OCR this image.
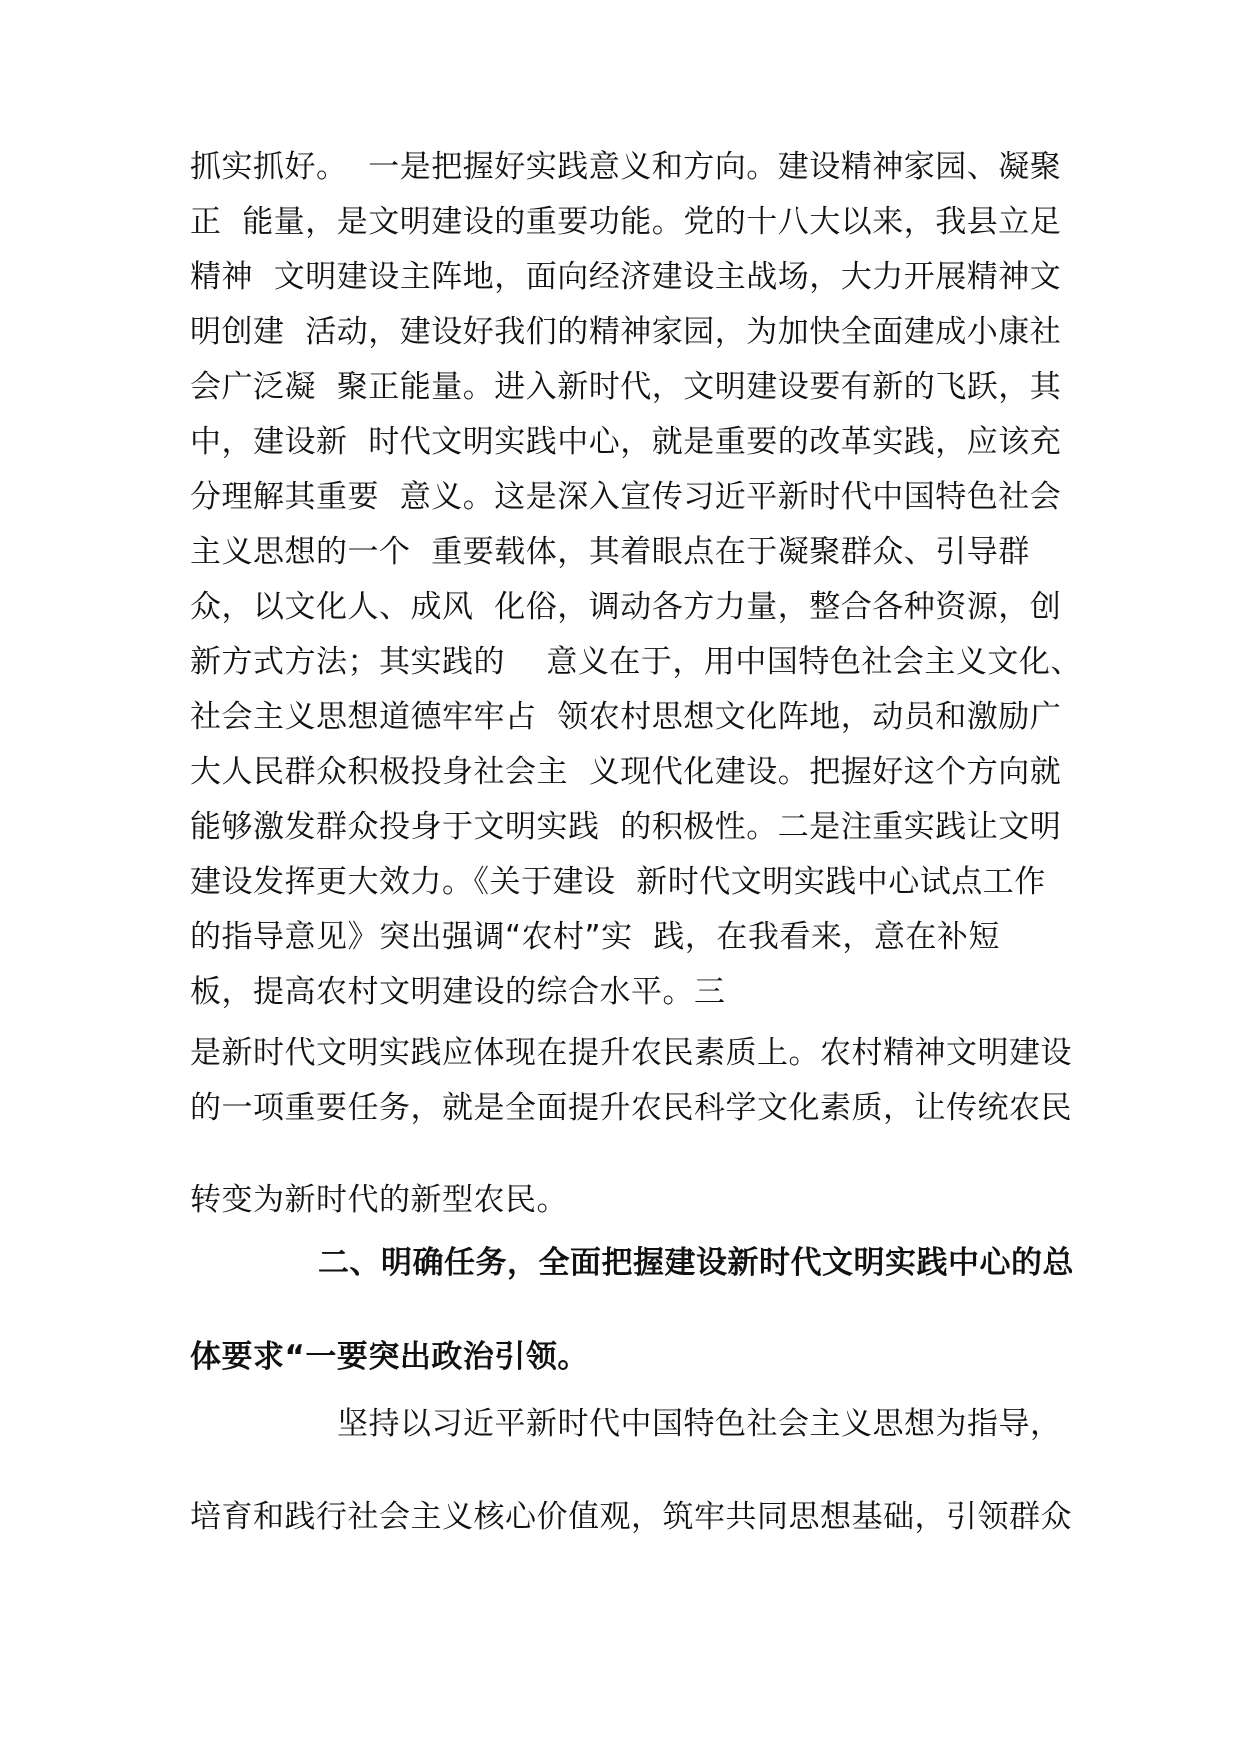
抓实抓好。  一是把握好实践意义和方向。建设精神家园、凝聚
正  能量，是文明建设的重要功能。党的十八大以来，我县立足
精神  文明建设主阵地，面向经济建设主战场，大力开展精神文
明创建  活动，建设好我们的精神家园，为加快全面建成小康社
会广泛凝  聚正能量。进入新时代，文明建设要有新的飞跃，其
中，建设新  时代文明实践中心，就是重要的改革实践，应该充
分理解其重要  意义。这是深入宣传习近平新时代中国特色社会
主义思想的一个  重要载体，其着眼点在于凝聚群众、引导群
众，以文化人、成风  化俗，调动各方力量，整合各种资源，创
新方式方法；其实践的    意义在于，用中国特色社会主义文化、
社会主义思想道德牢牢占  领农村思想文化阵地，动员和激励广
大人民群众积极投身社会主  义现代化建设。把握好这个方向就
能够激发群众投身于文明实践  的积极性。二是注重实践让文明
建设发挥更大效力。《关于建设  新时代文明实践中心试点工作
的指导意见》突出强调“农村”实  践，在我看来，意在补短
板，提高农村文明建设的综合水平。三
是新时代文明实践应体现在提升农民素质上。农村精神文明建设
的一项重要任务，就是全面提升农民科学文化素质，让传统农民
转变为新时代的新型农民。
二、明确任务，全面把握建设新时代文明实践中心的总
体要求“一要突出政治引领。
坚持以习近平新时代中国特色社会主义思想为指导，
培育和践行社会主义核心价值观，筑牢共同思想基础，引领群众
